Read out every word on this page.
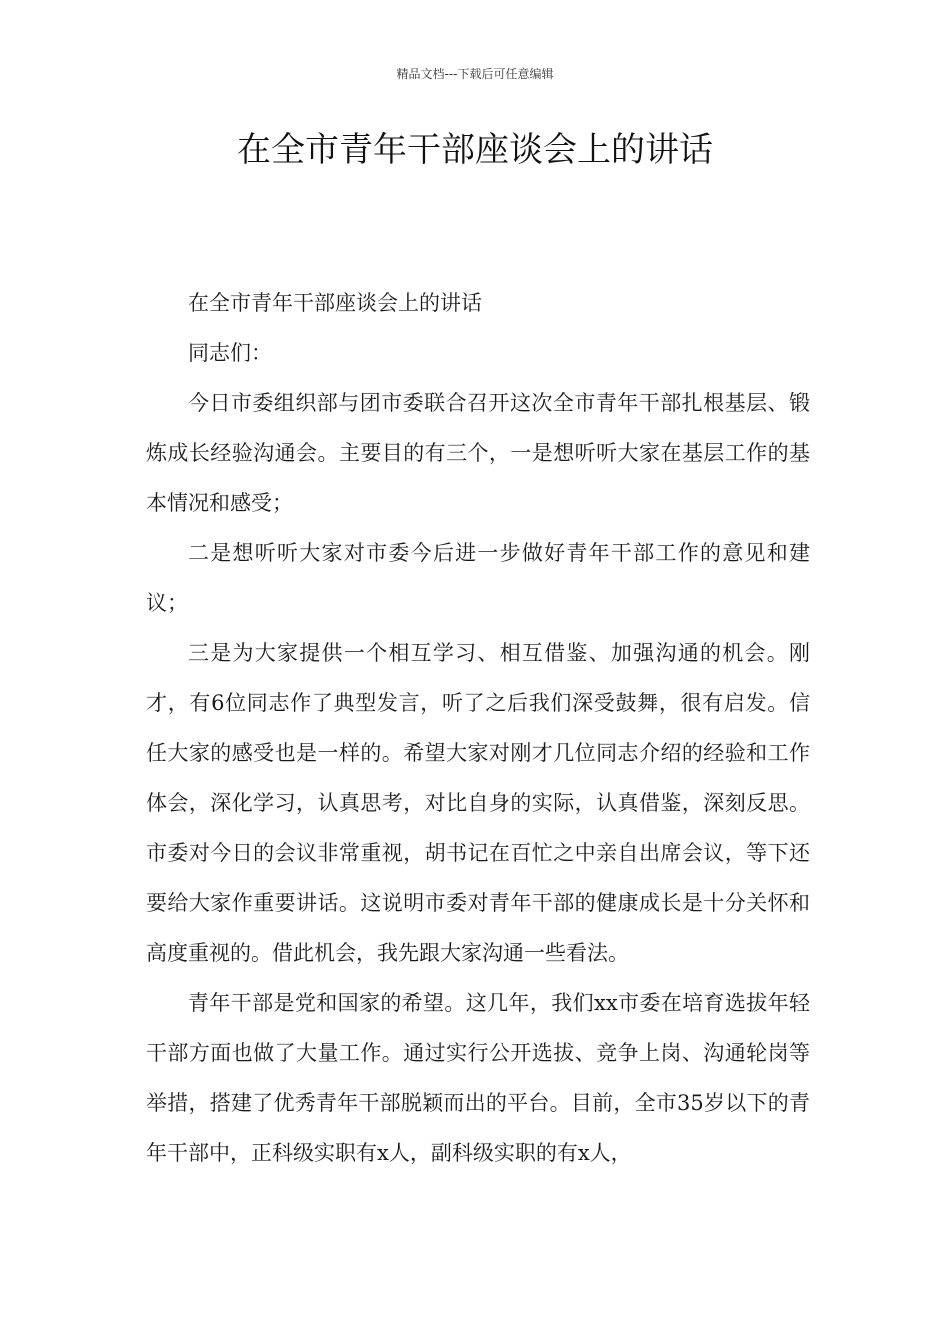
精品文档---下载后可任意编辑
在全市青年干部座谈会上的讲话

在全市青年干部座谈会上的讲话

同志们：

今日市委组织部与团市委联合召开这次全市青年干部扎根基层、锻炼成长经验沟通会。主要目的有三个，一是想听听大家在基层工作的基本情况和感受；

二是想听听大家对市委今后进一步做好青年干部工作的意见和建议；

三是为大家提供一个相互学习、相互借鉴、加强沟通的机会。刚才，有6位同志作了典型发言，听了之后我们深受鼓舞，很有启发。信任大家的感受也是一样的。希望大家对刚才几位同志介绍的经验和工作体会，深化学习，认真思考，对比自身的实际，认真借鉴，深刻反思。市委对今日的会议非常重视，胡书记在百忙之中亲自出席会议，等下还要给大家作重要讲话。这说明市委对青年干部的健康成长是十分关怀和高度重视的。借此机会，我先跟大家沟通一些看法。

青年干部是党和国家的希望。这几年，我们xx市委在培育选拔年轻干部方面也做了大量工作。通过实行公开选拔、竞争上岗、沟通轮岗等举措，搭建了优秀青年干部脱颖而出的平台。目前，全市35岁以下的青年干部中，正科级实职有x人，副科级实职的有x人，
